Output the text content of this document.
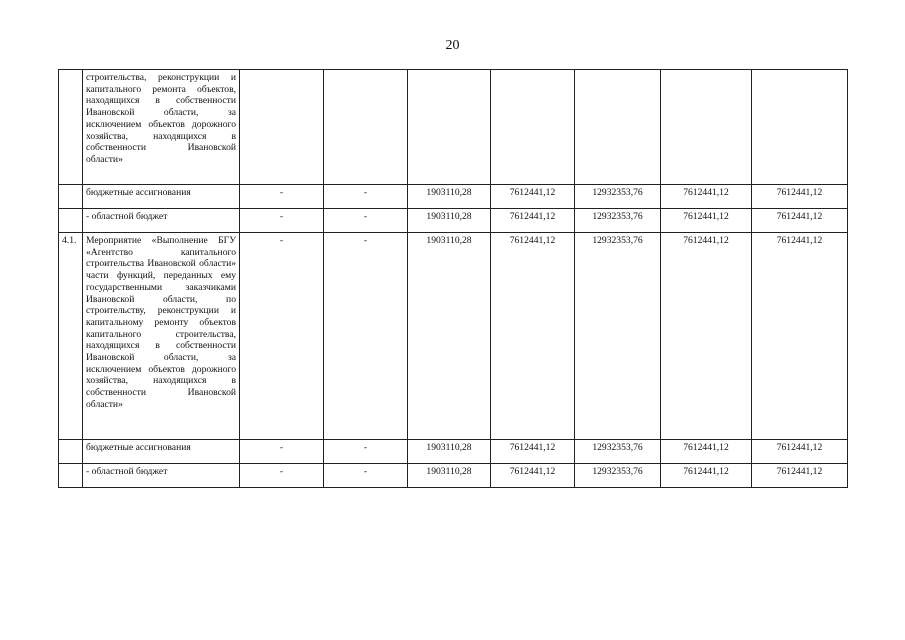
20

	строительства, реконструкции и капитального ремонта объектов, находящихся в собственности Ивановской области, за исключением объектов дорожного хозяйства, находящихся в собственности Ивановской области»							

	бюджетные ассигнования	-	-	1903110,28	7612441,12	12932353,76	7612441,12	7612441,12
	- областной бюджет	-	-	1903110,28	7612441,12	12932353,76	7612441,12	7612441,12
4.1.	Мероприятие «Выполнение БГУ «Агентство капитального строительства Ивановской области» части функций, переданных ему государственными заказчиками Ивановской области, по строительству, реконструкции и капитальному ремонту объектов капитального строительства, находящихся в собственности Ивановской области, за исключением объектов дорожного хозяйства, находящихся в собственности Ивановской области»	-	-	1903110,28	7612441,12	12932353,76	7612441,12	7612441,12
	бюджетные ассигнования	-	-	1903110,28	7612441,12	12932353,76	7612441,12	7612441,12
	- областной бюджет	-	-	1903110,28	7612441,12	12932353,76	7612441,12	7612441,12
